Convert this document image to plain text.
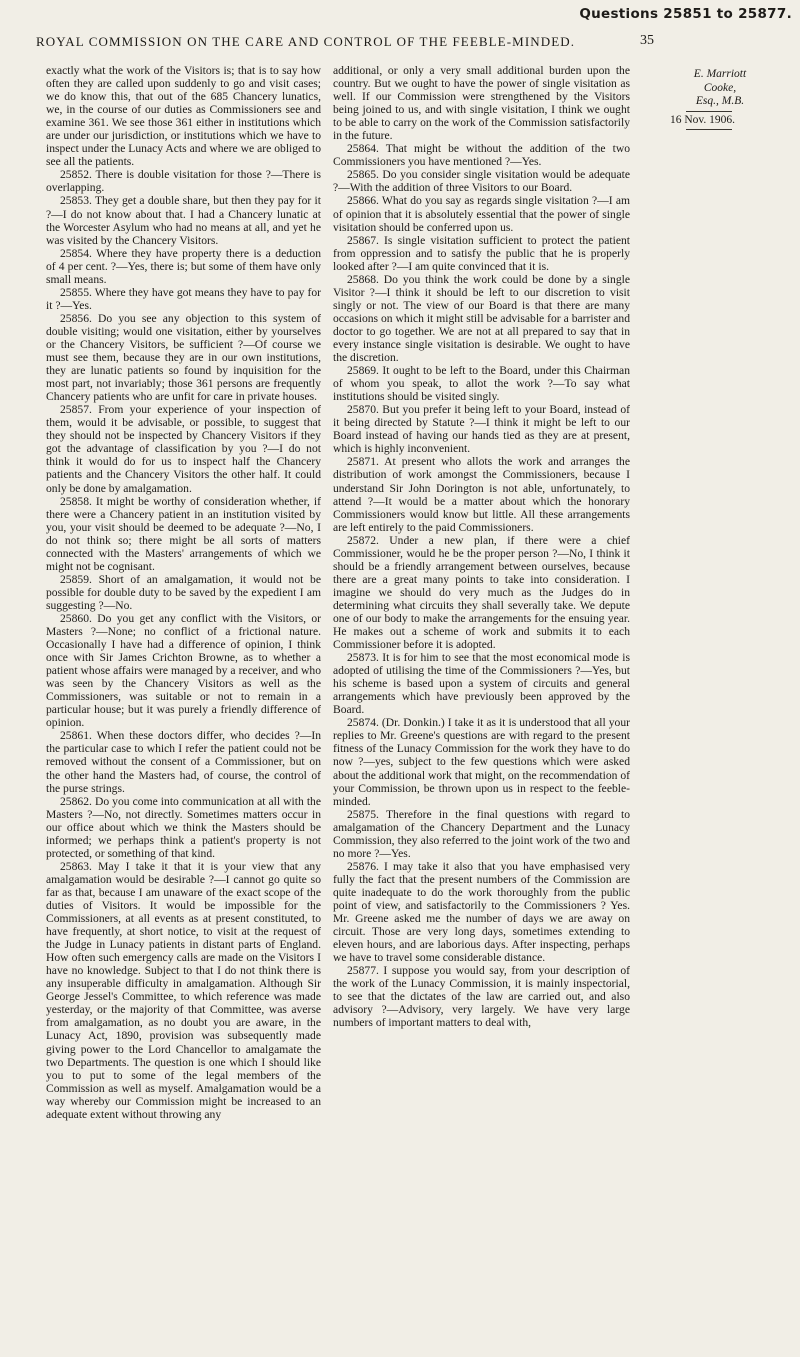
Questions 25851 to 25877.
ROYAL COMMISSION ON THE CARE AND CONTROL OF THE FEEBLE-MINDED.	35

exactly what the work of the Visitors is; that is to say how often they are called upon suddenly to go and visit cases; we do know this, that out of the 685 Chancery lunatics, we, in the course of our duties as Commissioners see and examine 361. We see those 361 either in institutions which are under our jurisdiction, or institutions which we have to inspect under the Lunacy Acts and where we are obliged to see all the patients.

25852. There is double visitation for those ?—There is overlapping.

25853. They get a double share, but then they pay for it ?—I do not know about that. I had a Chancery lunatic at the Worcester Asylum who had no means at all, and yet he was visited by the Chancery Visitors.

25854. Where they have property there is a deduction of 4 per cent. ?—Yes, there is; but some of them have only small means.

25855. Where they have got means they have to pay for it ?—Yes.

25856. Do you see any objection to this system of double visiting; would one visitation, either by yourselves or the Chancery Visitors, be sufficient ?—Of course we must see them, because they are in our own institutions, they are lunatic patients so found by inquisition for the most part, not invariably; those 361 persons are frequently Chancery patients who are unfit for care in private houses.

25857. From your experience of your inspection of them, would it be advisable, or possible, to suggest that they should not be inspected by Chancery Visitors if they got the advantage of classification by you ?—I do not think it would do for us to inspect half the Chancery patients and the Chancery Visitors the other half. It could only be done by amalgamation.

25858. It might be worthy of consideration whether, if there were a Chancery patient in an institution visited by you, your visit should be deemed to be adequate ?—No, I do not think so; there might be all sorts of matters connected with the Masters' arrangements of which we might not be cognisant.

25859. Short of an amalgamation, it would not be possible for double duty to be saved by the expedient I am suggesting ?—No.

25860. Do you get any conflict with the Visitors, or Masters ?—None; no conflict of a frictional nature. Occasionally I have had a difference of opinion, I think once with Sir James Crichton Browne, as to whether a patient whose affairs were managed by a receiver, and who was seen by the Chancery Visitors as well as the Commissioners, was suitable or not to remain in a particular house; but it was purely a friendly difference of opinion.

25861. When these doctors differ, who decides ?—In the particular case to which I refer the patient could not be removed without the consent of a Commissioner, but on the other hand the Masters had, of course, the control of the purse strings.

25862. Do you come into communication at all with the Masters ?—No, not directly. Sometimes matters occur in our office about which we think the Masters should be informed; we perhaps think a patient's property is not protected, or something of that kind.

25863. May I take it that it is your view that any amalgamation would be desirable ?—I cannot go quite so far as that, because I am unaware of the exact scope of the duties of Visitors. It would be impossible for the Commissioners, at all events as at present constituted, to have frequently, at short notice, to visit at the request of the Judge in Lunacy patients in distant parts of England. How often such emergency calls are made on the Visitors I have no knowledge. Subject to that I do not think there is any insuperable difficulty in amalgamation. Although Sir George Jessel's Committee, to which reference was made yesterday, or the majority of that Committee, was averse from amalgamation, as no doubt you are aware, in the Lunacy Act, 1890, provision was subsequently made giving power to the Lord Chancellor to amalgamate the two Departments. The question is one which I should like you to put to some of the legal members of the Commission as well as myself. Amalgamation would be a way whereby our Commission might be increased to an adequate extent without throwing any

additional, or only a very small additional burden upon the country. But we ought to have the power of single visitation as well. If our Commission were strengthened by the Visitors being joined to us, and with single visitation, I think we ought to be able to carry on the work of the Commission satisfactorily in the future.

25864. That might be without the addition of the two Commissioners you have mentioned ?—Yes.

25865. Do you consider single visitation would be adequate ?—With the addition of three Visitors to our Board.

25866. What do you say as regards single visitation ?—I am of opinion that it is absolutely essential that the power of single visitation should be conferred upon us.

25867. Is single visitation sufficient to protect the patient from oppression and to satisfy the public that he is properly looked after ?—I am quite convinced that it is.

25868. Do you think the work could be done by a single Visitor ?—I think it should be left to our discretion to visit singly or not. The view of our Board is that there are many occasions on which it might still be advisable for a barrister and doctor to go together. We are not at all prepared to say that in every instance single visitation is desirable. We ought to have the discretion.

25869. It ought to be left to the Board, under this Chairman of whom you speak, to allot the work ?—To say what institutions should be visited singly.

25870. But you prefer it being left to your Board, instead of it being directed by Statute ?—I think it might be left to our Board instead of having our hands tied as they are at present, which is highly inconvenient.

25871. At present who allots the work and arranges the distribution of work amongst the Commissioners, because I understand Sir John Dorington is not able, unfortunately, to attend ?—It would be a matter about which the honorary Commissioners would know but little. All these arrangements are left entirely to the paid Commissioners.

25872. Under a new plan, if there were a chief Commissioner, would he be the proper person ?—No, I think it should be a friendly arrangement between ourselves, because there are a great many points to take into consideration. I imagine we should do very much as the Judges do in determining what circuits they shall severally take. We depute one of our body to make the arrangements for the ensuing year. He makes out a scheme of work and submits it to each Commissioner before it is adopted.

25873. It is for him to see that the most economical mode is adopted of utilising the time of the Commissioners ?—Yes, but his scheme is based upon a system of circuits and general arrangements which have previously been approved by the Board.

25874. (Dr. Donkin.) I take it as it is understood that all your replies to Mr. Greene's questions are with regard to the present fitness of the Lunacy Commission for the work they have to do now ?—yes, subject to the few questions which were asked about the additional work that might, on the recommendation of your Commission, be thrown upon us in respect to the feeble-minded.

25875. Therefore in the final questions with regard to amalgamation of the Chancery Department and the Lunacy Commission, they also referred to the joint work of the two and no more ?—Yes.

25876. I may take it also that you have emphasised very fully the fact that the present numbers of the Commission are quite inadequate to do the work thoroughly from the public point of view, and satisfactorily to the Commissioners ? Yes. Mr. Greene asked me the number of days we are away on circuit. Those are very long days, sometimes extending to eleven hours, and are laborious days. After inspecting, perhaps we have to travel some considerable distance.

25877. I suppose you would say, from your description of the work of the Lunacy Commission, it is mainly inspectorial, to see that the dictates of the law are carried out, and also advisory ?—Advisory, very largely. We have very large numbers of important matters to deal with,

E. Marriott
Cooke,
Esq., M.B.
16 Nov. 1906.
